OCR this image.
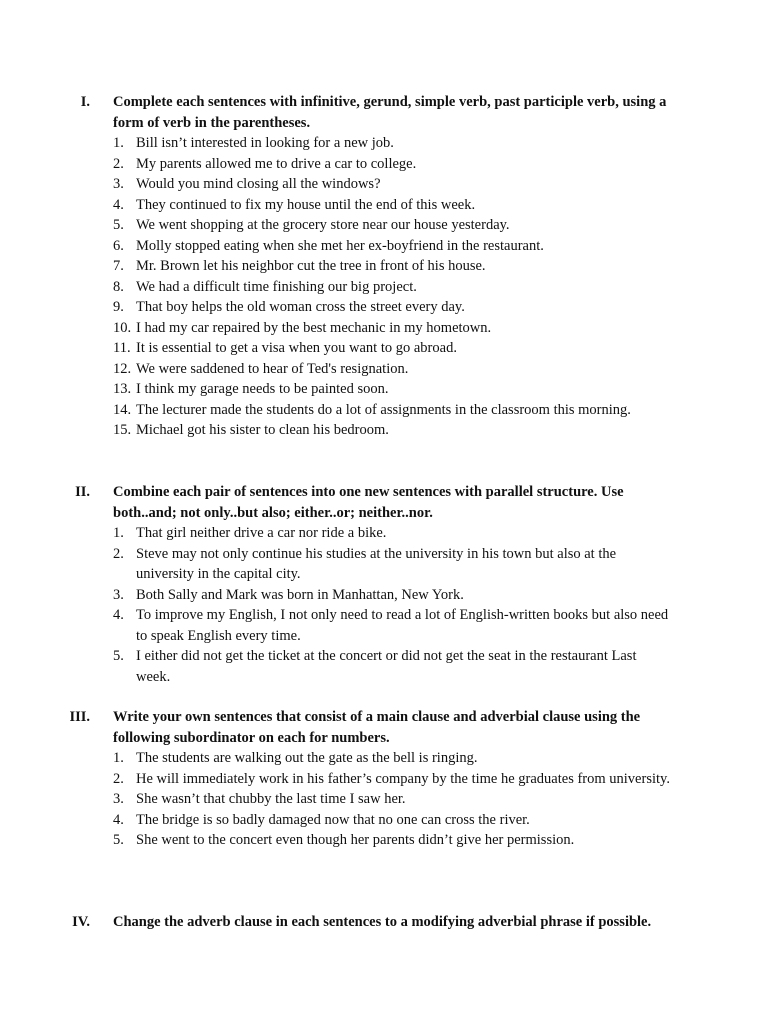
I. Complete each sentences with infinitive, gerund, simple verb, past participle verb, using a form of verb in the parentheses.
1. Bill isn’t interested in looking for a new job.
2. My parents allowed me to drive a car to college.
3. Would you mind closing all the windows?
4. They continued to fix my house until the end of this week.
5. We went shopping at the grocery store near our house yesterday.
6. Molly stopped eating when she met her ex-boyfriend in the restaurant.
7. Mr. Brown let his neighbor cut the tree in front of his house.
8. We had a difficult time finishing our big project.
9. That boy helps the old woman cross the street every day.
10. I had my car repaired by the best mechanic in my hometown.
11. It is essential to get a visa when you want to go abroad.
12. We were saddened to hear of Ted's resignation.
13. I think my garage needs to be painted soon.
14. The lecturer made the students do a lot of assignments in the classroom this morning.
15. Michael got his sister to clean his bedroom.
II. Combine each pair of sentences into one new sentences with parallel structure. Use both..and; not only..but also; either..or; neither..nor.
1. That girl neither drive a car nor ride a bike.
2. Steve may not only continue his studies at the university in his town but also at the university in the capital city.
3. Both Sally and Mark was born in Manhattan, New York.
4. To improve my English, I not only need to read a lot of English-written books but also need to speak English every time.
5. I either did not get the ticket at the concert or did not get the seat in the restaurant Last week.
III. Write your own sentences that consist of a main clause and adverbial clause using the following subordinator on each for numbers.
1. The students are walking out the gate as the bell is ringing.
2. He will immediately work in his father’s company by the time he graduates from university.
3. She wasn’t that chubby the last time I saw her.
4. The bridge is so badly damaged now that no one can cross the river.
5. She went to the concert even though her parents didn’t give her permission.
IV. Change the adverb clause in each sentences to a modifying adverbial phrase if possible.
